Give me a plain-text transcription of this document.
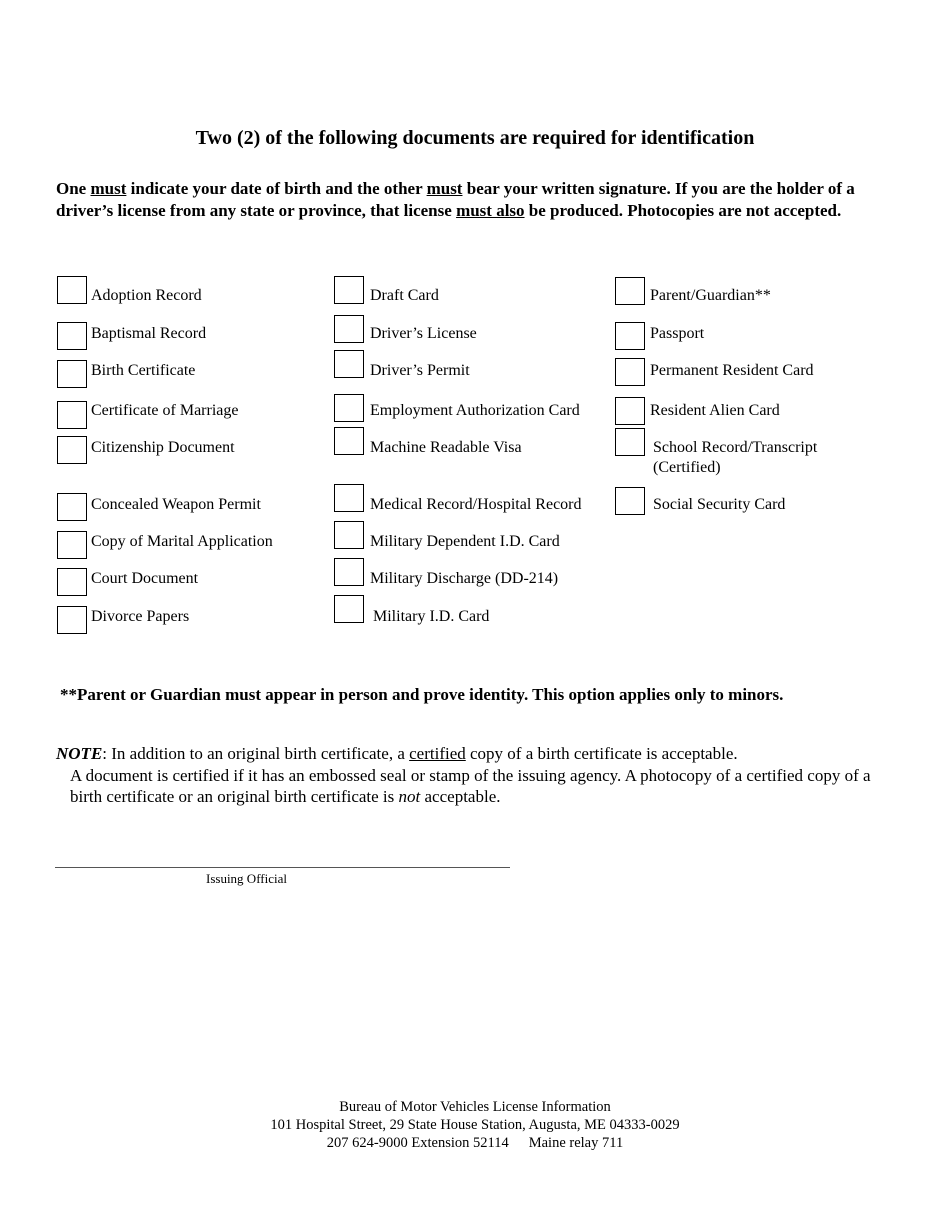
Two (2) of the following documents are required for identification
One must indicate your date of birth and the other must bear your written signature. If you are the holder of a driver’s license from any state or province, that license must also be produced. Photocopies are not accepted.
Adoption Record
Baptismal Record
Birth Certificate
Certificate of Marriage
Citizenship Document
Concealed Weapon Permit
Copy of Marital Application
Court Document
Divorce Papers
Draft Card
Driver’s License
Driver’s Permit
Employment Authorization Card
Machine Readable Visa
Medical Record/Hospital Record
Military Dependent I.D. Card
Military Discharge (DD-214)
Military I.D. Card
Parent/Guardian**
Passport
Permanent Resident Card
Resident Alien Card
School Record/Transcript
(Certified)
Social Security Card
**Parent or Guardian must appear in person and prove identity. This option applies only to minors.
NOTE: In addition to an original birth certificate, a certified copy of a birth certificate is acceptable.
A document is certified if it has an embossed seal or stamp of the issuing agency. A photocopy of a certified copy of a birth certificate or an original birth certificate is not acceptable.
Issuing Official
Bureau of Motor Vehicles License Information
101 Hospital Street, 29 State House Station, Augusta, ME 04333-0029
207 624-9000 Extension 52114 Maine relay 711
